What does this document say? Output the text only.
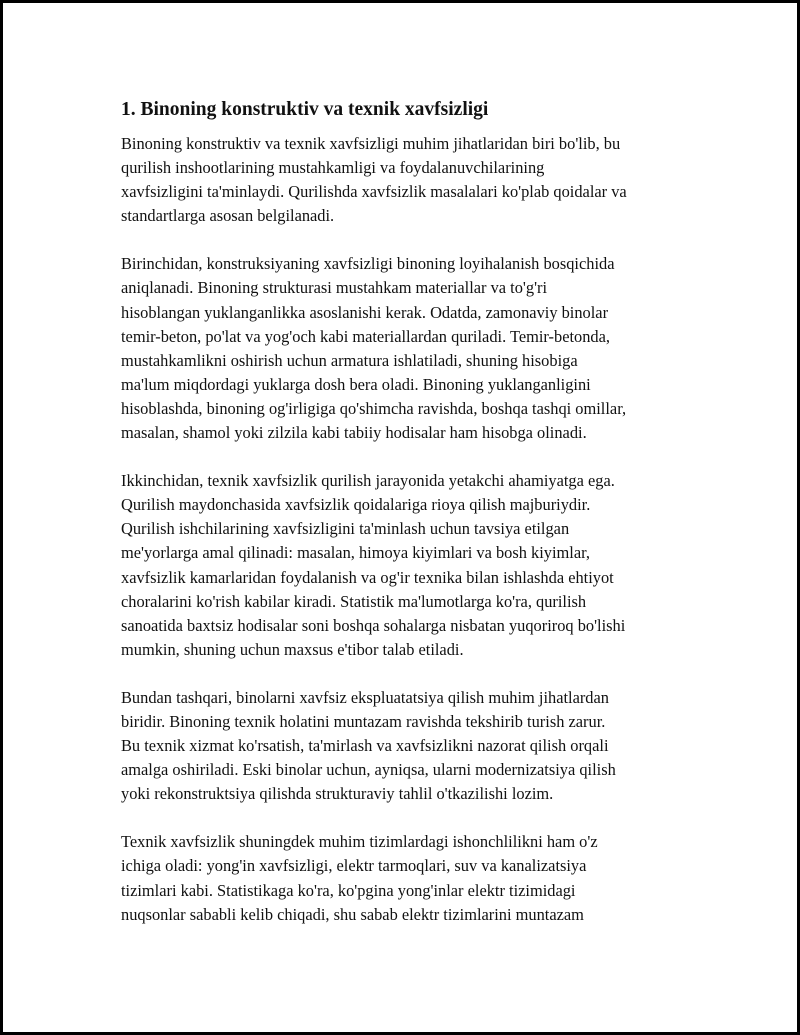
1. Binoning konstruktiv va texnik xavfsizligi

Binoning konstruktiv va texnik xavfsizligi muhim jihatlaridan biri bo'lib, bu
qurilish inshootlarining mustahkamligi va foydalanuvchilarining
xavfsizligini ta'minlaydi. Qurilishda xavfsizlik masalalari ko'plab qoidalar va
standartlarga asosan belgilanadi.

Birinchidan, konstruksiyaning xavfsizligi binoning loyihalanish bosqichida
aniqlanadi. Binoning strukturasi mustahkam materiallar va to'g'ri
hisoblangan yuklanganlikka asoslanishi kerak. Odatda, zamonaviy binolar
temir-beton, po'lat va yog'och kabi materiallardan quriladi. Temir-betonda,
mustahkamlikni oshirish uchun armatura ishlatiladi, shuning hisobiga
ma'lum miqdordagi yuklarga dosh bera oladi. Binoning yuklanganligini
hisoblashda, binoning og'irligiga qo'shimcha ravishda, boshqa tashqi omillar,
masalan, shamol yoki zilzila kabi tabiiy hodisalar ham hisobga olinadi.

Ikkinchidan, texnik xavfsizlik qurilish jarayonida yetakchi ahamiyatga ega.
Qurilish maydonchasida xavfsizlik qoidalariga rioya qilish majburiydir.
Qurilish ishchilarining xavfsizligini ta'minlash uchun tavsiya etilgan
me'yorlarga amal qilinadi: masalan, himoya kiyimlari va bosh kiyimlar,
xavfsizlik kamarlaridan foydalanish va og'ir texnika bilan ishlashda ehtiyot
choralarini ko'rish kabilar kiradi. Statistik ma'lumotlarga ko'ra, qurilish
sanoatida baxtsiz hodisalar soni boshqa sohalarga nisbatan yuqoriroq bo'lishi
mumkin, shuning uchun maxsus e'tibor talab etiladi.

Bundan tashqari, binolarni xavfsiz ekspluatatsiya qilish muhim jihatlardan
biridir. Binoning texnik holatini muntazam ravishda tekshirib turish zarur.
Bu texnik xizmat ko'rsatish, ta'mirlash va xavfsizlikni nazorat qilish orqali
amalga oshiriladi. Eski binolar uchun, ayniqsa, ularni modernizatsiya qilish
yoki rekonstruktsiya qilishda strukturaviy tahlil o'tkazilishi lozim.

Texnik xavfsizlik shuningdek muhim tizimlardagi ishonchlilikni ham o'z
ichiga oladi: yong'in xavfsizligi, elektr tarmoqlari, suv va kanalizatsiya
tizimlari kabi. Statistikaga ko'ra, ko'pgina yong'inlar elektr tizimidagi
nuqsonlar sababli kelib chiqadi, shu sabab elektr tizimlarini muntazam
